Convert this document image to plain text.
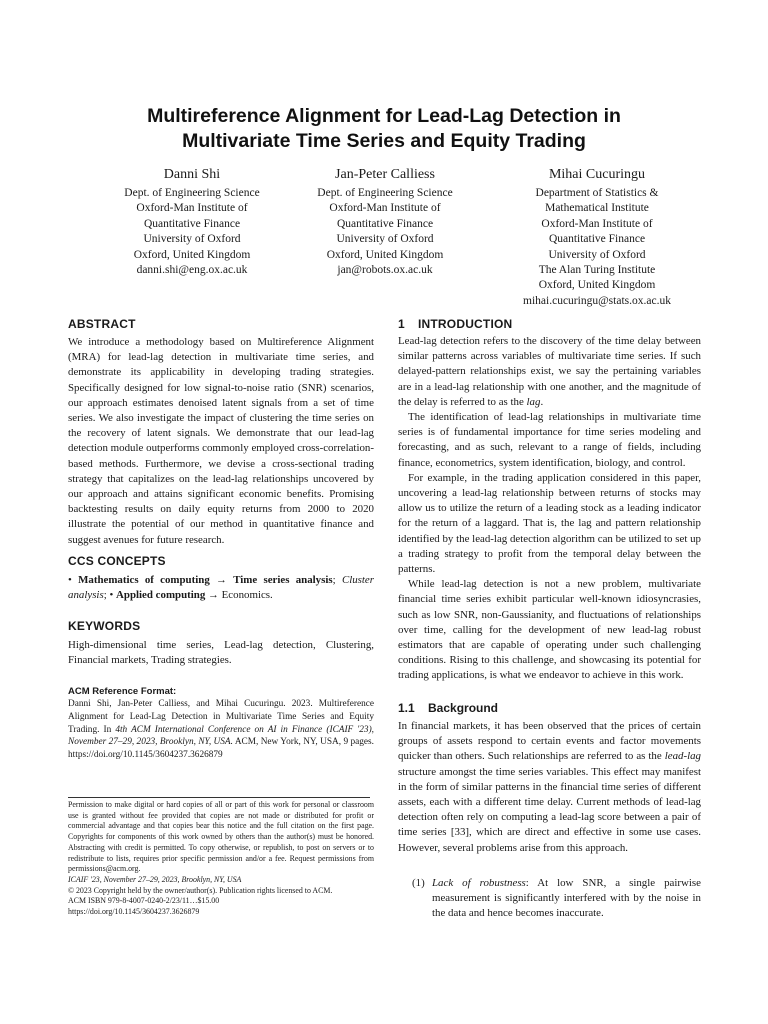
Multireference Alignment for Lead-Lag Detection in
Multivariate Time Series and Equity Trading
Danni Shi
Dept. of Engineering Science
Oxford-Man Institute of
Quantitative Finance
University of Oxford
Oxford, United Kingdom
danni.shi@eng.ox.ac.uk
Jan-Peter Calliess
Dept. of Engineering Science
Oxford-Man Institute of
Quantitative Finance
University of Oxford
Oxford, United Kingdom
jan@robots.ox.ac.uk
Mihai Cucuringu
Department of Statistics &
Mathematical Institute
Oxford-Man Institute of
Quantitative Finance
University of Oxford
The Alan Turing Institute
Oxford, United Kingdom
mihai.cucuringu@stats.ox.ac.uk
ABSTRACT

We introduce a methodology based on Multireference Alignment (MRA) for lead-lag detection in multivariate time series, and demonstrate its applicability in developing trading strategies. Specifically designed for low signal-to-noise ratio (SNR) scenarios, our approach estimates denoised latent signals from a set of time series. We also investigate the impact of clustering the time series on the recovery of latent signals. We demonstrate that our lead-lag detection module outperforms commonly employed cross-correlation-based methods. Furthermore, we devise a cross-sectional trading strategy that capitalizes on the lead-lag relationships uncovered by our approach and attains significant economic benefits. Promising backtesting results on daily equity returns from 2000 to 2020 illustrate the potential of our method in quantitative finance and suggest avenues for future research.

CCS CONCEPTS

• Mathematics of computing → Time series analysis; Cluster analysis; • Applied computing → Economics.

KEYWORDS

High-dimensional time series, Lead-lag detection, Clustering, Financial markets, Trading strategies.

ACM Reference Format:
Danni Shi, Jan-Peter Calliess, and Mihai Cucuringu. 2023. Multireference Alignment for Lead-Lag Detection in Multivariate Time Series and Equity Trading. In 4th ACM International Conference on AI in Finance (ICAIF '23), November 27–29, 2023, Brooklyn, NY, USA. ACM, New York, NY, USA, 9 pages. https://doi.org/10.1145/3604237.3626879

Permission to make digital or hard copies of all or part of this work for personal or classroom use is granted without fee provided that copies are not made or distributed for profit or commercial advantage and that copies bear this notice and the full citation on the first page. Copyrights for components of this work owned by others than the author(s) must be honored. Abstracting with credit is permitted. To copy otherwise, or republish, to post on servers or to redistribute to lists, requires prior specific permission and/or a fee. Request permissions from permissions@acm.org.

ICAIF '23, November 27–29, 2023, Brooklyn, NY, USA

© 2023 Copyright held by the owner/author(s). Publication rights licensed to ACM.

ACM ISBN 979-8-4007-0240-2/23/11…$15.00

https://doi.org/10.1145/3604237.3626879

1 INTRODUCTION

Lead-lag detection refers to the discovery of the time delay between similar patterns across variables of multivariate time series. If such delayed-pattern relationships exist, we say the pertaining variables are in a lead-lag relationship with one another, and the magnitude of the delay is referred to as the lag.

The identification of lead-lag relationships in multivariate time series is of fundamental importance for time series modeling and forecasting, and as such, relevant to a range of fields, including finance, econometrics, system identification, biology, and control.

For example, in the trading application considered in this paper, uncovering a lead-lag relationship between returns of stocks may allow us to utilize the return of a leading stock as a leading indicator for the return of a laggard. That is, the lag and pattern relationship identified by the lead-lag detection algorithm can be utilized to set up a trading strategy to profit from the temporal delay between the patterns.

While lead-lag detection is not a new problem, multivariate financial time series exhibit particular well-known idiosyncrasies, such as low SNR, non-Gaussianity, and fluctuations of relationships over time, calling for the development of new lead-lag robust estimators that are capable of operating under such challenging conditions. Rising to this challenge, and showcasing its potential for trading applications, is what we endeavor to achieve in this work.

1.1 Background

In financial markets, it has been observed that the prices of certain groups of assets respond to certain events and factor movements quicker than others. Such relationships are referred to as the lead-lag structure amongst the time series variables. This effect may manifest in the form of similar patterns in the financial time series of different assets, each with a different time delay. Current methods of lead-lag detection often rely on computing a lead-lag score between a pair of time series [33], which are direct and effective in some use cases. However, several problems arise from this approach.

(1) Lack of robustness: At low SNR, a single pairwise measurement is significantly interfered with by the noise in the data and hence becomes inaccurate.
